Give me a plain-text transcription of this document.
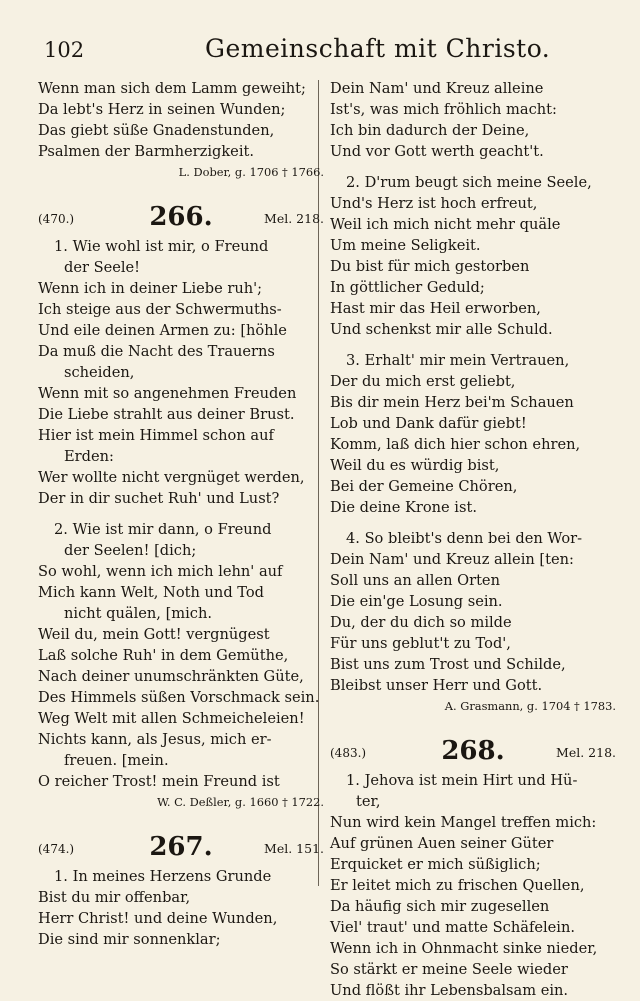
102	Gemeinschaft mit Christo.
Wenn man sich dem Lamm geweiht;
Da lebt's Herz in seinen Wunden;
Das giebt süße Gnadenstunden,
Psalmen der Barmherzigkeit.
L. Dober, g. 1706 † 1766.
(470.)	266.	Mel. 218.
1. Wie wohl ist mir, o Freund
der Seele!
Wenn ich in deiner Liebe ruh';
Ich steige aus der Schwermuths-
Und eile deinen Armen zu: [höhle
Da muß die Nacht des Trauerns
scheiden,
Wenn mit so angenehmen Freuden
Die Liebe strahlt aus deiner Brust.
Hier ist mein Himmel schon auf
Erden:
Wer wollte nicht vergnüget werden,
Der in dir suchet Ruh' und Lust?
2. Wie ist mir dann, o Freund
der Seelen! [dich;
So wohl, wenn ich mich lehn' auf
Mich kann Welt, Noth und Tod
nicht quälen, [mich.
Weil du, mein Gott! vergnügest
Laß solche Ruh' in dem Gemüthe,
Nach deiner unumschränkten Güte,
Des Himmels süßen Vorschmack sein.
Weg Welt mit allen Schmeicheleien!
Nichts kann, als Jesus, mich er-
freuen. [mein.
O reicher Trost! mein Freund ist
W. C. Deßler, g. 1660 † 1722.
(474.)	267.	Mel. 151.
1. In meines Herzens Grunde
Bist du mir offenbar,
Herr Christ! und deine Wunden,
Die sind mir sonnenklar;
Dein Nam' und Kreuz alleine
Ist's, was mich fröhlich macht:
Ich bin dadurch der Deine,
Und vor Gott werth geacht't.
2. D'rum beugt sich meine Seele,
Und's Herz ist hoch erfreut,
Weil ich mich nicht mehr quäle
Um meine Seligkeit.
Du bist für mich gestorben
In göttlicher Geduld;
Hast mir das Heil erworben,
Und schenkst mir alle Schuld.
3. Erhalt' mir mein Vertrauen,
Der du mich erst geliebt,
Bis dir mein Herz bei'm Schauen
Lob und Dank dafür giebt!
Komm, laß dich hier schon ehren,
Weil du es würdig bist,
Bei der Gemeine Chören,
Die deine Krone ist.
4. So bleibt's denn bei den Wor-
Dein Nam' und Kreuz allein [ten:
Soll uns an allen Orten
Die ein'ge Losung sein.
Du, der du dich so milde
Für uns geblut't zu Tod',
Bist uns zum Trost und Schilde,
Bleibst unser Herr und Gott.
A. Grasmann, g. 1704 † 1783.
(483.)	268.	Mel. 218.
1. Jehova ist mein Hirt und Hü-
ter,
Nun wird kein Mangel treffen mich:
Auf grünen Auen seiner Güter
Erquicket er mich süßiglich;
Er leitet mich zu frischen Quellen,
Da häufig sich mir zugesellen
Viel' traut' und matte Schäfelein.
Wenn ich in Ohnmacht sinke nieder,
So stärkt er meine Seele wieder
Und flößt ihr Lebensbalsam ein.
